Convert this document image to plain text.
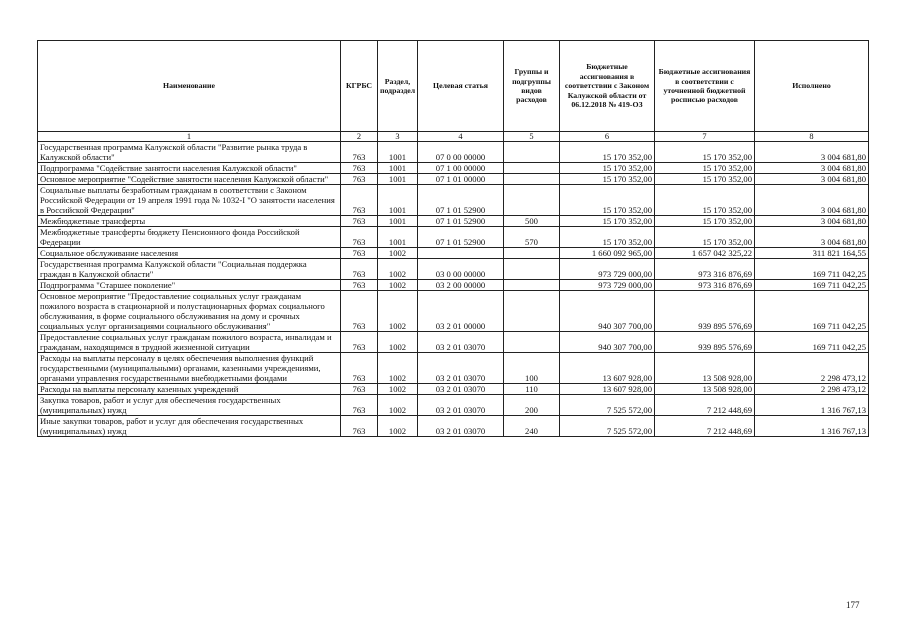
Наименование	КГРБС	Раздел, подраздел	Целевая статья	Группы и подгруппы видов расходов	Бюджетные ассигнования в соответствии с Законом Калужской области от 06.12.2018 № 419-ОЗ	Бюджетные ассигнования в соответствии с уточненной бюджетной росписью расходов	Исполнено
1	2	3	4	5	6	7	8
Государственная программа Калужской области "Развитие рынка труда в Калужской области"	763	1001	07 0 00 00000		15 170 352,00	15 170 352,00	3 004 681,80
Подпрограмма "Содействие занятости населения Калужской области"	763	1001	07 1 00 00000		15 170 352,00	15 170 352,00	3 004 681,80
Основное мероприятие "Содействие занятости населения Калужской области"	763	1001	07 1 01 00000		15 170 352,00	15 170 352,00	3 004 681,80
Социальные выплаты безработным гражданам в соответствии с Законом Российской Федерации от 19 апреля 1991 года № 1032-I "О занятости населения в Российской Федерации"	763	1001	07 1 01 52900		15 170 352,00	15 170 352,00	3 004 681,80
Межбюджетные трансферты	763	1001	07 1 01 52900	500	15 170 352,00	15 170 352,00	3 004 681,80
Межбюджетные трансферты бюджету Пенсионного фонда Российской Федерации	763	1001	07 1 01 52900	570	15 170 352,00	15 170 352,00	3 004 681,80
Социальное обслуживание населения	763	1002			1 660 092 965,00	1 657 042 325,22	311 821 164,55
Государственная программа Калужской области "Социальная поддержка граждан в Калужской области"	763	1002	03 0 00 00000		973 729 000,00	973 316 876,69	169 711 042,25
Подпрограмма "Старшее поколение"	763	1002	03 2 00 00000		973 729 000,00	973 316 876,69	169 711 042,25
Основное мероприятие "Предоставление социальных услуг гражданам пожилого возраста в стационарной и полустационарных формах социального обслуживания, в форме социального обслуживания на дому и срочных социальных услуг организациями социального обслуживания"	763	1002	03 2 01 00000		940 307 700,00	939 895 576,69	169 711 042,25
Предоставление социальных услуг гражданам пожилого возраста, инвалидам и гражданам, находящимся в трудной жизненной ситуации	763	1002	03 2 01 03070		940 307 700,00	939 895 576,69	169 711 042,25
Расходы на выплаты персоналу в целях обеспечения выполнения функций государственными (муниципальными) органами, казенными учреждениями, органами управления государственными внебюджетными фондами	763	1002	03 2 01 03070	100	13 607 928,00	13 508 928,00	2 298 473,12
Расходы на выплаты персоналу казенных учреждений	763	1002	03 2 01 03070	110	13 607 928,00	13 508 928,00	2 298 473,12
Закупка товаров, работ и услуг для обеспечения государственных (муниципальных) нужд	763	1002	03 2 01 03070	200	7 525 572,00	7 212 448,69	1 316 767,13
Иные закупки товаров, работ и услуг для обеспечения государственных (муниципальных) нужд	763	1002	03 2 01 03070	240	7 525 572,00	7 212 448,69	1 316 767,13
177
